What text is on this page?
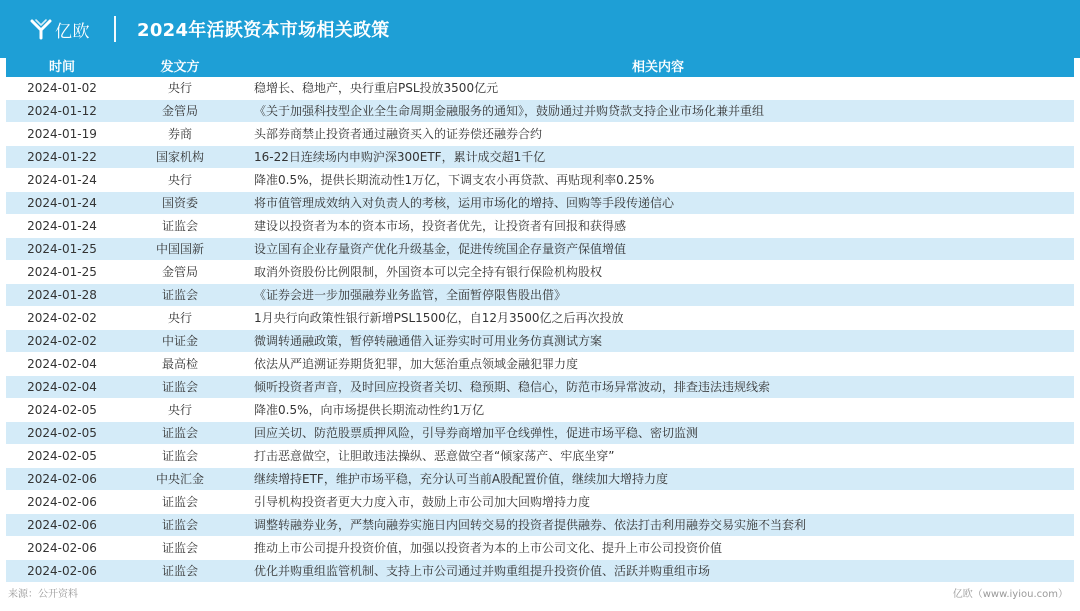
亿欧	2024年活跃资本市场相关政策
时间	发文方	相关内容
2024-01-02	央行	稳增长、稳地产，央行重启PSL投放3500亿元
2024-01-12	金管局	《关于加强科技型企业全生命周期金融服务的通知》，鼓励通过并购贷款支持企业市场化兼并重组
2024-01-19	券商	头部券商禁止投资者通过融资买入的证券偿还融券合约
2024-01-22	国家机构	16-22日连续场内申购沪深300ETF，累计成交超1千亿
2024-01-24	央行	降准0.5%，提供长期流动性1万亿，下调支农小再贷款、再贴现利率0.25%
2024-01-24	国资委	将市值管理成效纳入对负责人的考核，运用市场化的增持、回购等手段传递信心
2024-01-24	证监会	建设以投资者为本的资本市场，投资者优先，让投资者有回报和获得感
2024-01-25	中国国新	设立国有企业存量资产优化升级基金，促进传统国企存量资产保值增值
2024-01-25	金管局	取消外资股份比例限制，外国资本可以完全持有银行保险机构股权
2024-01-28	证监会	《证券会进一步加强融券业务监管，全面暂停限售股出借》
2024-02-02	央行	1月央行向政策性银行新增PSL1500亿，自12月3500亿之后再次投放
2024-02-02	中证金	微调转通融政策，暂停转融通借入证券实时可用业务仿真测试方案
2024-02-04	最高检	依法从严追溯证券期货犯罪，加大惩治重点领域金融犯罪力度
2024-02-04	证监会	倾听投资者声音，及时回应投资者关切、稳预期、稳信心，防范市场异常波动，排查违法违规线索
2024-02-05	央行	降准0.5%，向市场提供长期流动性约1万亿
2024-02-05	证监会	回应关切、防范股票质押风险，引导券商增加平仓线弹性，促进市场平稳、密切监测
2024-02-05	证监会	打击恶意做空，让胆敢违法操纵、恶意做空者“倾家荡产、牢底坐穿”
2024-02-06	中央汇金	继续增持ETF，维护市场平稳，充分认可当前A股配置价值，继续加大增持力度
2024-02-06	证监会	引导机构投资者更大力度入市，鼓励上市公司加大回购增持力度
2024-02-06	证监会	调整转融券业务，严禁向融券实施日内回转交易的投资者提供融券、依法打击利用融券交易实施不当套利
2024-02-06	证监会	推动上市公司提升投资价值，加强以投资者为本的上市公司文化、提升上市公司投资价值
2024-02-06	证监会	优化并购重组监管机制、支持上市公司通过并购重组提升投资价值、活跃并购重组市场
来源：公开资料	亿欧（www.iyiou.com）
